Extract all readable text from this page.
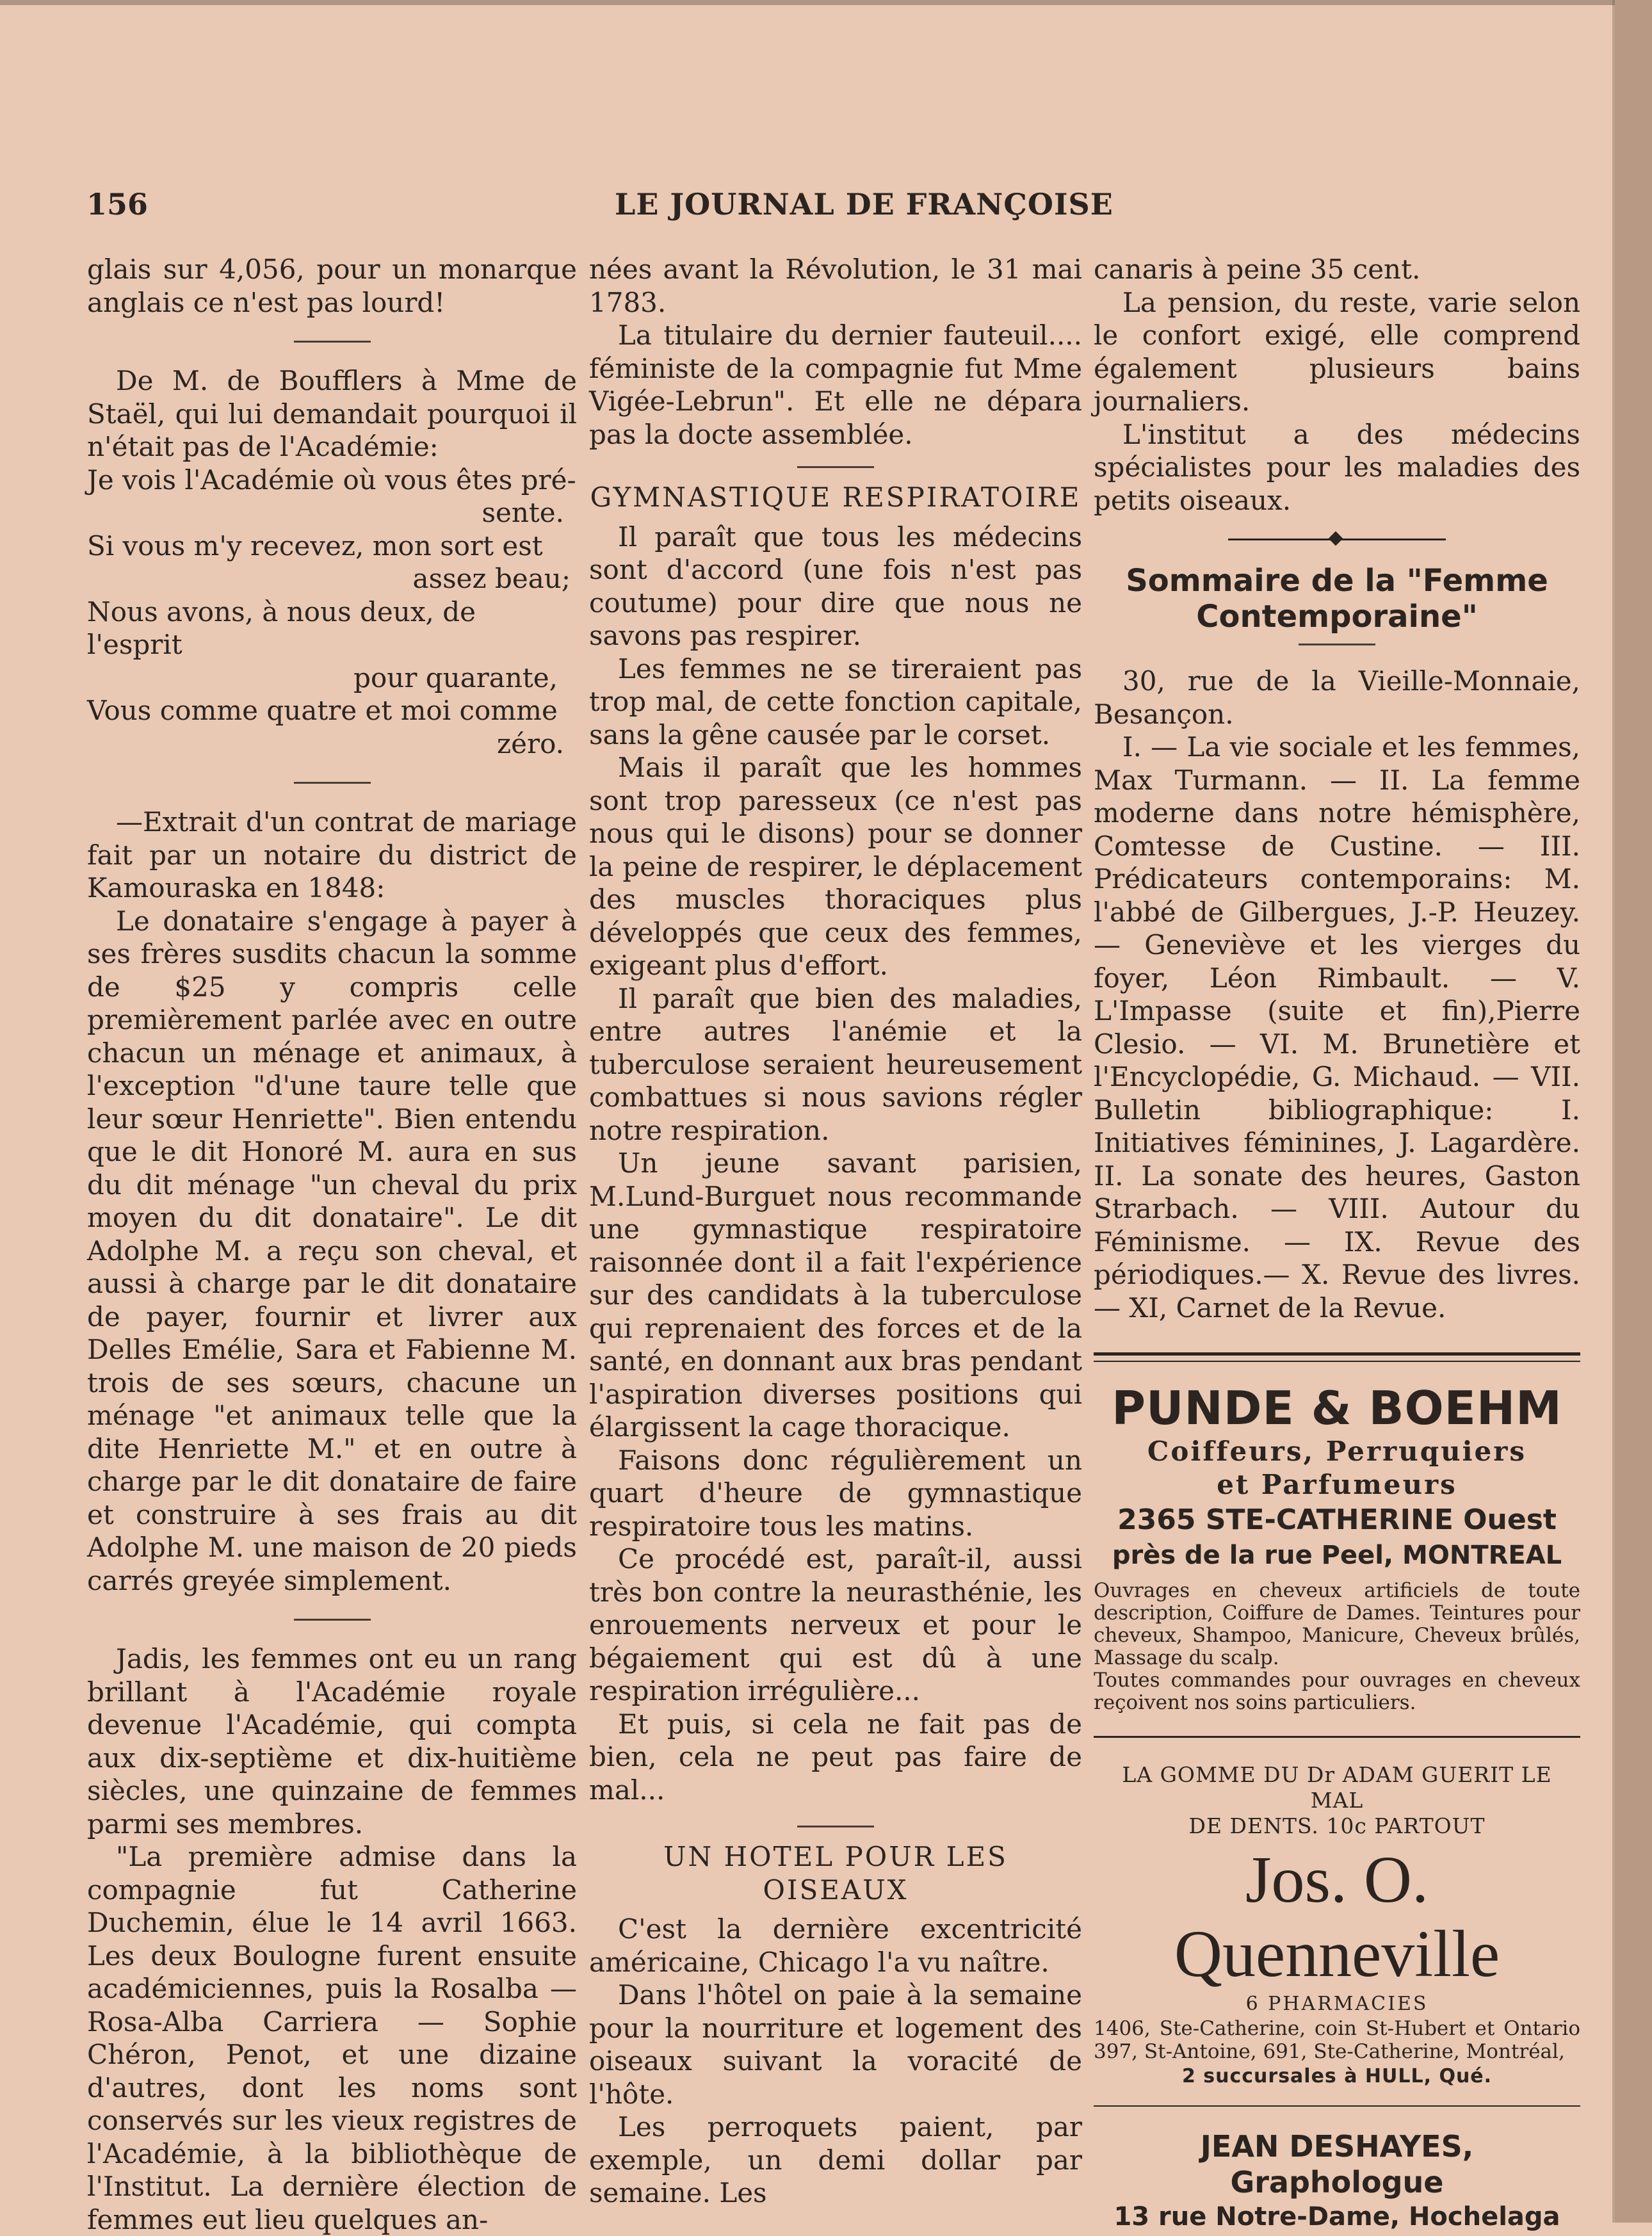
156	LE JOURNAL DE FRANÇOISE

glais sur 4,056, pour un monarque anglais ce n'est pas lourd!

De M. de Boufflers à Mme de Staël, qui lui demandait pourquoi il n'était pas de l'Académie:

Je vois l'Académie où vous êtes pré-
sente.
Si vous m'y recevez, mon sort est
assez beau;
Nous avons, à nous deux, de l'esprit
pour quarante,
Vous comme quatre et moi comme
zéro.

—Extrait d'un contrat de mariage fait par un notaire du district de Kamouraska en 1848:

Le donataire s'engage à payer à ses frères susdits chacun la somme de $25 y compris celle premièrement parlée avec en outre chacun un ménage et animaux, à l'exception "d'une taure telle que leur sœur Henriette". Bien entendu que le dit Honoré M. aura en sus du dit ménage "un cheval du prix moyen du dit donataire". Le dit Adolphe M. a reçu son cheval, et aussi à charge par le dit donataire de payer, fournir et livrer aux Delles Emélie, Sara et Fabienne M. trois de ses sœurs, chacune un ménage "et animaux telle que la dite Henriette M." et en outre à charge par le dit donataire de faire et construire à ses frais au dit Adolphe M. une maison de 20 pieds carrés greyée simplement.

Jadis, les femmes ont eu un rang brillant à l'Académie royale devenue l'Académie, qui compta aux dix-septième et dix-huitième siècles, une quinzaine de femmes parmi ses membres.

"La première admise dans la compagnie fut Catherine Duchemin, élue le 14 avril 1663. Les deux Boulogne furent ensuite académiciennes, puis la Rosalba — Rosa-Alba Carriera — Sophie Chéron, Penot, et une dizaine d'autres, dont les noms sont conservés sur les vieux registres de l'Académie, à la bibliothèque de l'Institut. La dernière élection de femmes eut lieu quelques an-

nées avant la Révolution, le 31 mai 1783.

La titulaire du dernier fauteuil.... féministe de la compagnie fut Mme Vigée-Lebrun". Et elle ne dépara pas la docte assemblée.

GYMNASTIQUE RESPIRATOIRE

Il paraît que tous les médecins sont d'accord (une fois n'est pas coutume) pour dire que nous ne savons pas respirer.

Les femmes ne se tireraient pas trop mal, de cette fonction capitale, sans la gêne causée par le corset.

Mais il paraît que les hommes sont trop paresseux (ce n'est pas nous qui le disons) pour se donner la peine de respirer, le déplacement des muscles thoraciques plus développés que ceux des femmes, exigeant plus d'effort.

Il paraît que bien des maladies, entre autres l'anémie et la tuberculose seraient heureusement combattues si nous savions régler notre respiration.

Un jeune savant parisien, M.Lund-Burguet nous recommande une gymnastique respiratoire raisonnée dont il a fait l'expérience sur des candidats à la tuberculose qui reprenaient des forces et de la santé, en donnant aux bras pendant l'aspiration diverses positions qui élargissent la cage thoracique.

Faisons donc régulièrement un quart d'heure de gymnastique respiratoire tous les matins.

Ce procédé est, paraît-il, aussi très bon contre la neurasthénie, les enrouements nerveux et pour le bégaiement qui est dû à une respiration irrégulière...

Et puis, si cela ne fait pas de bien, cela ne peut pas faire de mal...

UN HOTEL POUR LES OISEAUX

C'est la dernière excentricité américaine, Chicago l'a vu naître.

Dans l'hôtel on paie à la semaine pour la nourriture et logement des oiseaux suivant la voracité de l'hôte.

Les perroquets paient, par exemple, un demi dollar par semaine. Les

canaris à peine 35 cent.

La pension, du reste, varie selon le confort exigé, elle comprend également plusieurs bains journaliers.

L'institut a des médecins spécialistes pour les maladies des petits oiseaux.

Sommaire de la "Femme Contemporaine"

30, rue de la Vieille-Monnaie, Besançon.

I. — La vie sociale et les femmes, Max Turmann. — II. La femme moderne dans notre hémisphère, Comtesse de Custine. — III. Prédicateurs contemporains: M. l'abbé de Gilbergues, J.-P. Heuzey. — Geneviève et les vierges du foyer, Léon Rimbault. — V. L'Impasse (suite et fin),Pierre Clesio. — VI. M. Brunetière et l'Encyclopédie, G. Michaud. — VII. Bulletin bibliographique: I. Initiatives féminines, J. Lagardère. II. La sonate des heures, Gaston Strarbach. — VIII. Autour du Féminisme. — IX. Revue des périodiques.— X. Revue des livres. — XI, Carnet de la Revue.

PUNDE & BOEHM
Coiffeurs, Perruquiers
et Parfumeurs
2365 STE-CATHERINE Ouest
près de la rue Peel, MONTREAL
Ouvrages en cheveux artificiels de toute description, Coiffure de Dames. Teintures pour cheveux, Shampoo, Manicure, Cheveux brûlés, Massage du scalp.
Toutes commandes pour ouvrages en cheveux reçoivent nos soins particuliers.
LA GOMME DU Dr ADAM GUERIT LE MAL
DE DENTS. 10c PARTOUT
Jos. O. Quenneville
6 PHARMACIES
1406, Ste-Catherine, coin St-Hubert et Ontario 397, St-Antoine, 691, Ste-Catherine, Montréal,
2 succursales à HULL, Qué.
JEAN DESHAYES, Graphologue
13 rue Notre-Dame, Hochelaga
